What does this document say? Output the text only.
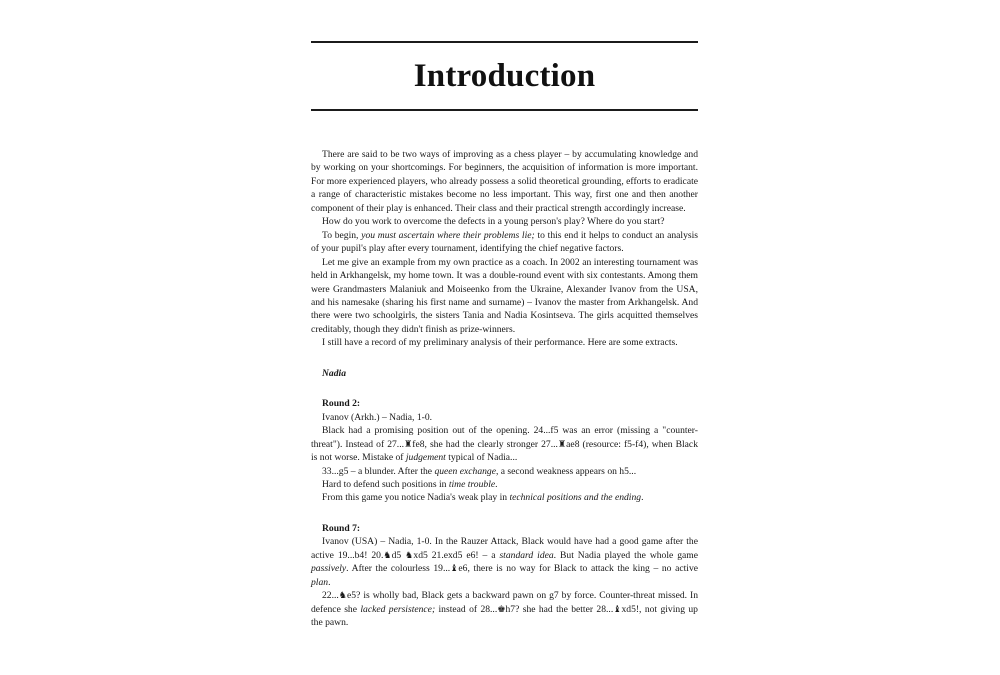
Introduction

There are said to be two ways of improving as a chess player – by accumulating knowledge and by working on your shortcomings. For beginners, the acquisition of information is more important. For more experienced players, who already possess a solid theoretical grounding, efforts to eradicate a range of characteristic mistakes become no less important. This way, first one and then another component of their play is enhanced. Their class and their practical strength accordingly increase.

How do you work to overcome the defects in a young person's play? Where do you start?

To begin, you must ascertain where their problems lie; to this end it helps to conduct an analysis of your pupil's play after every tournament, identifying the chief negative factors.

Let me give an example from my own practice as a coach. In 2002 an interesting tournament was held in Arkhangelsk, my home town. It was a double-round event with six contestants. Among them were Grandmasters Malaniuk and Moiseenko from the Ukraine, Alexander Ivanov from the USA, and his namesake (sharing his first name and surname) – Ivanov the master from Arkhangelsk. And there were two schoolgirls, the sisters Tania and Nadia Kosintseva. The girls acquitted themselves creditably, though they didn't finish as prize-winners.

I still have a record of my preliminary analysis of their performance. Here are some extracts.

Nadia

Round 2:

Ivanov (Arkh.) – Nadia, 1-0.

Black had a promising position out of the opening. 24...f5 was an error (missing a "counter-threat"). Instead of 27...♜fe8, she had the clearly stronger 27...♜ae8 (resource: f5-f4), when Black is not worse. Mistake of judgement typical of Nadia...

33...g5 – a blunder. After the queen exchange, a second weakness appears on h5...

Hard to defend such positions in time trouble.

From this game you notice Nadia's weak play in technical positions and the ending.

Round 7:

Ivanov (USA) – Nadia, 1-0. In the Rauzer Attack, Black would have had a good game after the active 19...b4! 20.♞d5 ♞xd5 21.exd5 e6! – a standard idea. But Nadia played the whole game passively. After the colourless 19...♝e6, there is no way for Black to attack the king – no active plan.

22...♞e5? is wholly bad, Black gets a backward pawn on g7 by force. Counter-threat missed. In defence she lacked persistence; instead of 28...♚h7? she had the better 28...♝xd5!, not giving up the pawn.
